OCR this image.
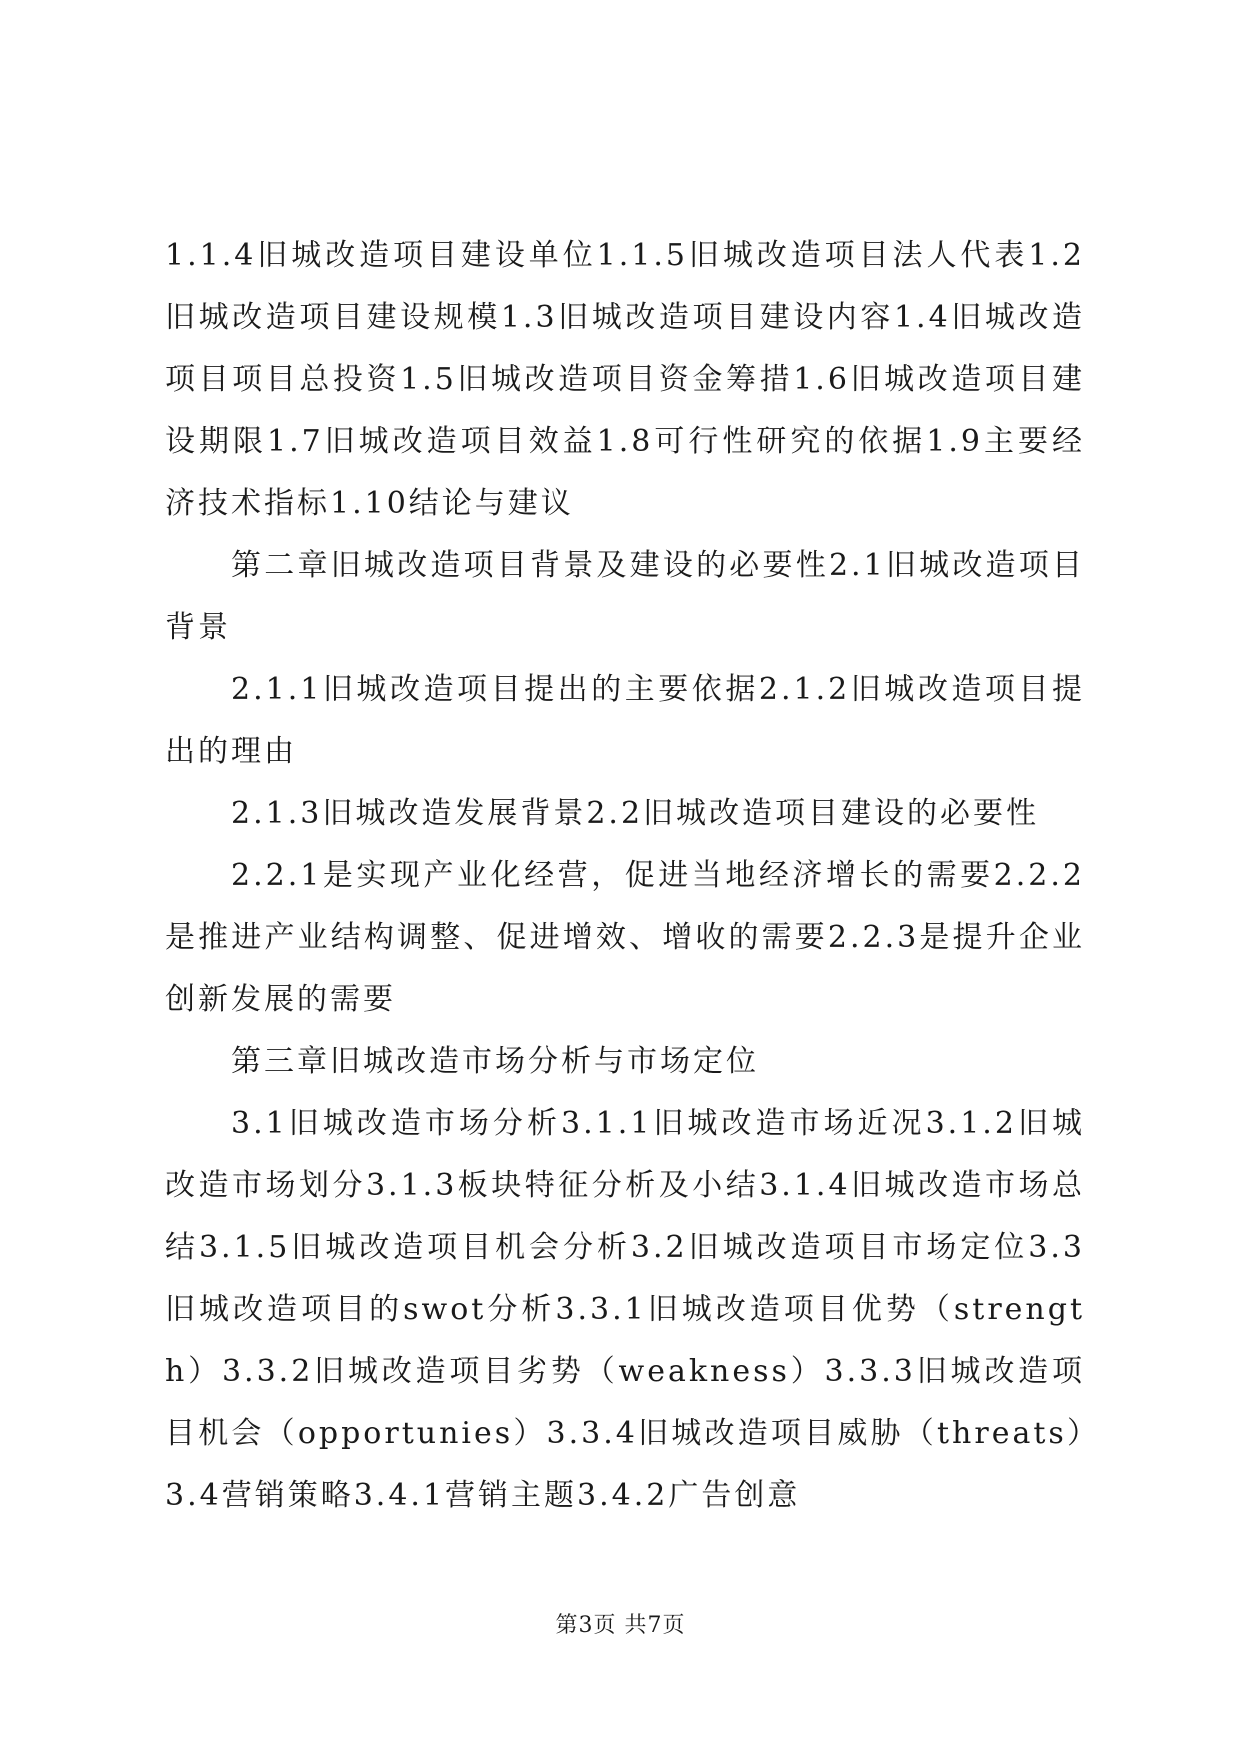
1.1.4旧城改造项目建设单位1.1.5旧城改造项目法人代表1.2旧城改造项目建设规模1.3旧城改造项目建设内容1.4旧城改造项目项目总投资1.5旧城改造项目资金筹措1.6旧城改造项目建设期限1.7旧城改造项目效益1.8可行性研究的依据1.9主要经济技术指标1.10结论与建议

第二章旧城改造项目背景及建设的必要性2.1旧城改造项目背景

2.1.1旧城改造项目提出的主要依据2.1.2旧城改造项目提出的理由

2.1.3旧城改造发展背景2.2旧城改造项目建设的必要性

2.2.1是实现产业化经营，促进当地经济增长的需要2.2.2是推进产业结构调整、促进增效、增收的需要2.2.3是提升企业创新发展的需要

第三章旧城改造市场分析与市场定位

3.1旧城改造市场分析3.1.1旧城改造市场近况3.1.2旧城改造市场划分3.1.3板块特征分析及小结3.1.4旧城改造市场总结3.1.5旧城改造项目机会分析3.2旧城改造项目市场定位3.3旧城改造项目的swot分析3.3.1旧城改造项目优势（strength）3.3.2旧城改造项目劣势（weakness）3.3.3旧城改造项目机会（opportunies）3.3.4旧城改造项目威胁（threats）3.4营销策略3.4.1营销主题3.4.2广告创意

第3页 共7页
